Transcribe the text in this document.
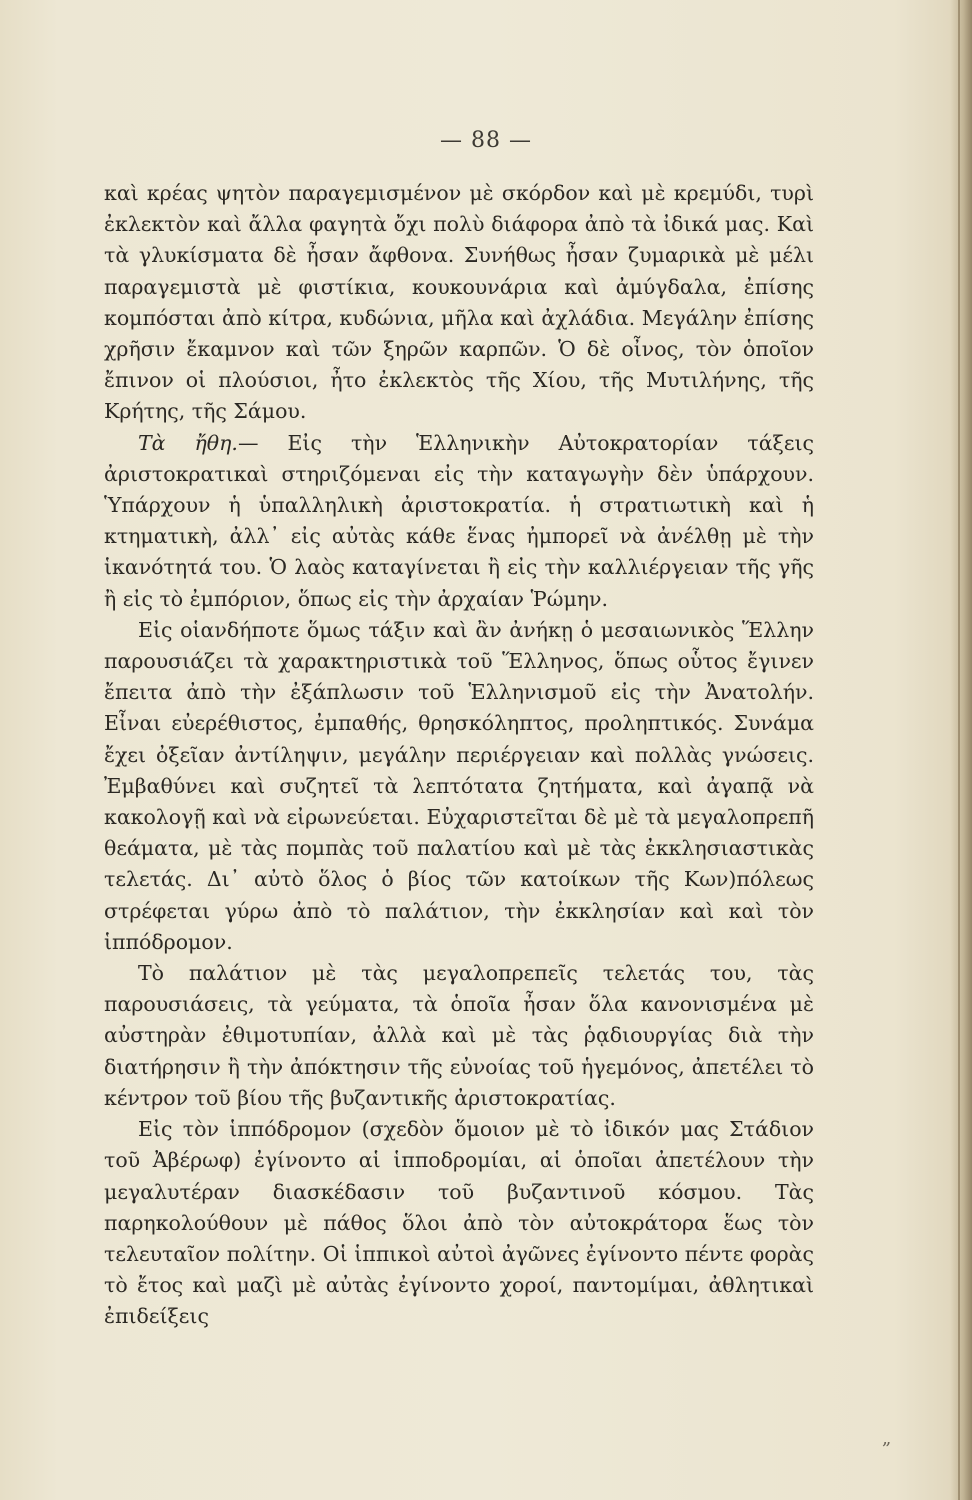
— 88 —

καὶ κρέας ψητὸν παραγεμισμένον μὲ σκόρδον καὶ μὲ κρεμύδι, τυρὶ ἐκλεκτὸν καὶ ἄλλα φαγητὰ ὄχι πολὺ διάφορα ἀπὸ τὰ ἰδικά μας. Καὶ τὰ γλυκίσματα δὲ ἦσαν ἄφθονα. Συνήθως ἦσαν ζυμαρικὰ μὲ μέλι παραγεμιστὰ μὲ φιστίκια, κουκουνάρια καὶ ἀμύγδαλα, ἐπίσης κομπόσται ἀπὸ κίτρα, κυδώνια, μῆλα καὶ ἀχλάδια. Μεγάλην ἐπίσης χρῆσιν ἔκαμνον καὶ τῶν ξηρῶν καρπῶν. Ὁ δὲ οἶνος, τὸν ὁποῖον ἔπινον οἱ πλούσιοι, ἦτο ἐκλεκτὸς τῆς Χίου, τῆς Μυτιλήνης, τῆς Κρήτης, τῆς Σάμου.

Τὰ ἤθη.— Εἰς τὴν Ἑλληνικὴν Αὐτοκρατορίαν τάξεις ἀριστοκρατικαὶ στηριζόμεναι εἰς τὴν καταγωγὴν δὲν ὑπάρχουν. Ὑπάρχουν ἡ ὑπαλληλικὴ ἀριστοκρατία. ἡ στρατιωτικὴ καὶ ἡ κτηματικὴ, ἀλλ᾿ εἰς αὐτὰς κάθε ἕνας ἠμπορεῖ νὰ ἀνέλθῃ μὲ τὴν ἱκανότητά του. Ὁ λαὸς καταγίνεται ἢ εἰς τὴν καλλιέργειαν τῆς γῆς ἢ εἰς τὸ ἐμπόριον, ὅπως εἰς τὴν ἀρχαίαν Ῥώμην.

Εἰς οἱανδήποτε ὅμως τάξιν καὶ ἂν ἀνήκῃ ὁ μεσαιωνικὸς Ἕλλην παρουσιάζει τὰ χαρακτηριστικὰ τοῦ Ἕλληνος, ὅπως οὗτος ἔγινεν ἔπειτα ἀπὸ τὴν ἐξάπλωσιν τοῦ Ἑλληνισμοῦ εἰς τὴν Ἀνατολήν. Εἶναι εὐερέθιστος, ἐμπαθής, θρησκόληπτος, προληπτικός. Συνάμα ἔχει ὀξεῖαν ἀντίληψιν, μεγάλην περιέργειαν καὶ πολλὰς γνώσεις. Ἐμβαθύνει καὶ συζητεῖ τὰ λεπτότατα ζητήματα, καὶ ἀγαπᾷ νὰ κακολογῇ καὶ νὰ εἰρωνεύεται. Εὐχαριστεῖται δὲ μὲ τὰ μεγαλοπρεπῆ θεάματα, μὲ τὰς πομπὰς τοῦ παλατίου καὶ μὲ τὰς ἐκκλησιαστικὰς τελετάς. Δι᾿ αὐτὸ ὅλος ὁ βίος τῶν κατοίκων τῆς Κων)πόλεως στρέφεται γύρω ἀπὸ τὸ παλάτιον, τὴν ἐκκλησίαν καὶ καὶ τὸν ἱππόδρομον.

Τὸ παλάτιον μὲ τὰς μεγαλοπρεπεῖς τελετάς του, τὰς παρουσιάσεις, τὰ γεύματα, τὰ ὁποῖα ἦσαν ὅλα κανονισμένα μὲ αὐστηρὰν ἐθιμοτυπίαν, ἀλλὰ καὶ μὲ τὰς ῥᾳδιουργίας διὰ τὴν διατήρησιν ἢ τὴν ἀπόκτησιν τῆς εὐνοίας τοῦ ἡγεμόνος, ἀπετέλει τὸ κέντρον τοῦ βίου τῆς βυζαντικῆς ἀριστοκρατίας.

Εἰς τὸν ἱππόδρομον (σχεδὸν ὅμοιον μὲ τὸ ἰδικόν μας Στάδιον τοῦ Ἀβέρωφ) ἐγίνοντο αἱ ἱπποδρομίαι, αἱ ὁποῖαι ἀπετέλουν τὴν μεγαλυτέραν διασκέδασιν τοῦ βυζαντινοῦ κόσμου. Τὰς παρηκολούθουν μὲ πάθος ὅλοι ἀπὸ τὸν αὐτοκράτορα ἕως τὸν τελευταῖον πολίτην. Οἱ ἱππικοὶ αὐτοὶ ἀγῶνες ἐγίνοντο πέντε φορὰς τὸ ἔτος καὶ μαζὶ μὲ αὐτὰς ἐγίνοντο χοροί, παντομίμαι, ἀθλητικαὶ ἐπιδείξεις

„
